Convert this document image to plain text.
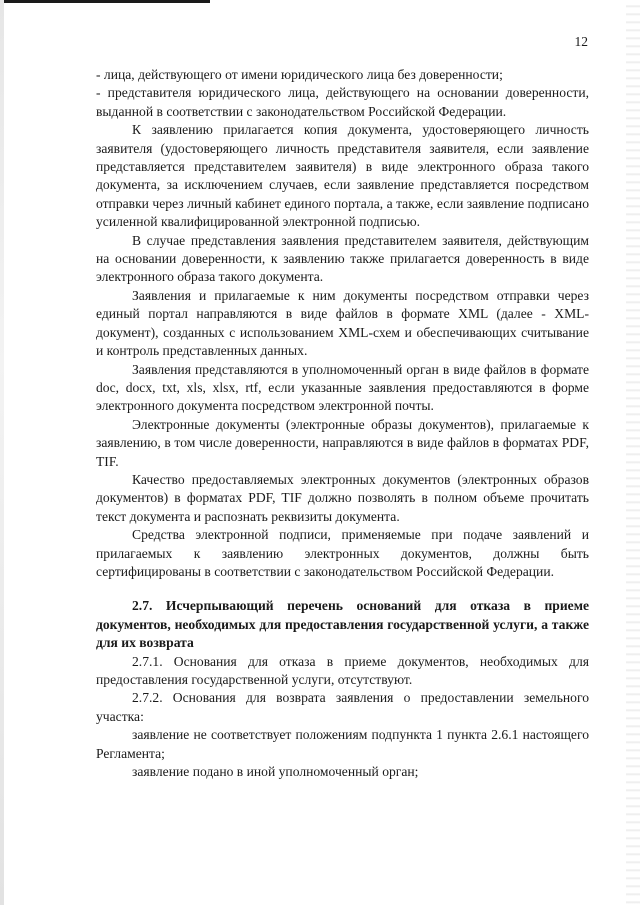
12

- лица, действующего от имени юридического лица без доверенности;

- представителя юридического лица, действующего на основании доверенности, выданной в соответствии с законодательством Российской Федерации.

К заявлению прилагается копия документа, удостоверяющего личность заявителя (удостоверяющего личность представителя заявителя, если заявление представляется представителем заявителя) в виде электронного образа такого документа, за исключением случаев, если заявление представляется посредством отправки через личный кабинет единого портала, а также, если заявление подписано усиленной квалифицированной электронной подписью.

В случае представления заявления представителем заявителя, действующим на основании доверенности, к заявлению также прилагается доверенность в виде электронного образа такого документа.

Заявления и прилагаемые к ним документы посредством отправки через единый портал направляются в виде файлов в формате XML (далее - XML-документ), созданных с использованием XML-схем и обеспечивающих считывание и контроль представленных данных.

Заявления представляются в уполномоченный орган в виде файлов в формате doc, docx, txt, xls, xlsx, rtf, если указанные заявления предоставляются в форме электронного документа посредством электронной почты.

Электронные документы (электронные образы документов), прилагаемые к заявлению, в том числе доверенности, направляются в виде файлов в форматах PDF, TIF.

Качество предоставляемых электронных документов (электронных образов документов) в форматах PDF, TIF должно позволять в полном объеме прочитать текст документа и распознать реквизиты документа.

Средства электронной подписи, применяемые при подаче заявлений и прилагаемых к заявлению электронных документов, должны быть сертифицированы в соответствии с законодательством Российской Федерации.

2.7. Исчерпывающий перечень оснований для отказа в приеме документов, необходимых для предоставления государственной услуги, а также для их возврата

2.7.1. Основания для отказа в приеме документов, необходимых для предоставления государственной услуги, отсутствуют.

2.7.2. Основания для возврата заявления о предоставлении земельного участка:

заявление не соответствует положениям подпункта 1 пункта 2.6.1 настоящего Регламента;

заявление подано в иной уполномоченный орган;
